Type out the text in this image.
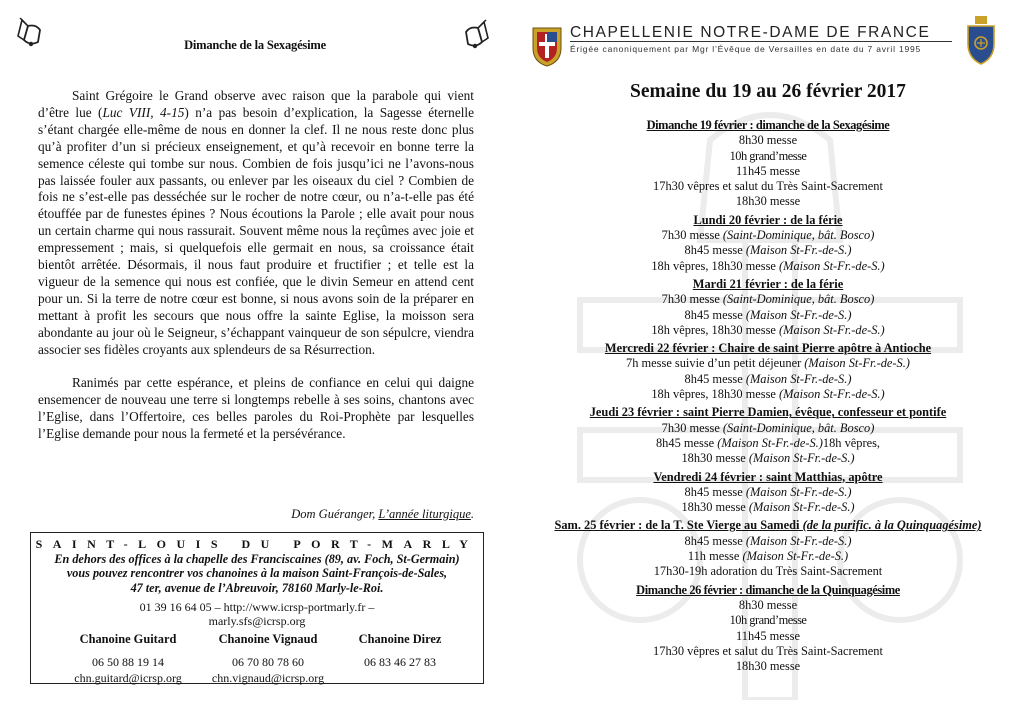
Dimanche de la Sexagésime

Saint Grégoire le Grand observe avec raison que la parabole qui vient d’être lue (Luc VIII, 4-15) n’a pas besoin d’explication, la Sagesse éternelle s’étant chargée elle-même de nous en donner la clef. Il ne nous reste donc plus qu’à profiter d’un si précieux enseignement, et qu’à recevoir en bonne terre la semence céleste qui tombe sur nous. Combien de fois jusqu’ici ne l’avons-nous pas laissée fouler aux passants, ou enlever par les oiseaux du ciel ? Combien de fois ne s’est-elle pas desséchée sur le rocher de notre cœur, ou n’a-t-elle pas été étouffée par de funestes épines ? Nous écoutions la Parole ; elle avait pour nous un certain charme qui nous rassurait. Souvent même nous la reçûmes avec joie et empressement ; mais, si quelquefois elle germait en nous, sa croissance était bientôt arrêtée. Désormais, il nous faut produire et fructifier ; et telle est la vigueur de la semence qui nous est confiée, que le divin Semeur en attend cent pour un. Si la terre de notre cœur est bonne, si nous avons soin de la préparer en mettant à profit les secours que nous offre la sainte Eglise, la moisson sera abondante au jour où le Seigneur, s’échappant vainqueur de son sépulcre, viendra associer ses fidèles croyants aux splendeurs de sa Résurrection.

Ranimés par cette espérance, et pleins de confiance en celui qui daigne ensemencer de nouveau une terre si longtemps rebelle à ses soins, chantons avec l’Eglise, dans l’Offertoire, ces belles paroles du Roi-Prophète par lesquelles l’Eglise demande pour nous la fermeté et la persévérance.

Dom Guéranger, L’année liturgique.
SAINT-LOUIS DU PORT-MARLY
En dehors des offices à la chapelle des Franciscaines (89, av. Foch, St-Germain)
vous pouvez rencontrer vos chanoines à la maison Saint-François-de-Sales,
47 ter, avenue de l’Abreuvoir, 78160 Marly-le-Roi.
01 39 16 64 05 – http://www.icrsp-portmarly.fr –
marly.sfs@icrsp.org
Chanoine Guitard
06 50 88 19 14
chn.guitard@icrsp.org
Chanoine Vignaud
06 70 80 78 60
chn.vignaud@icrsp.org
Chanoine Direz
06 83 46 27 83
CHAPELLENIE NOTRE-DAME DE FRANCE
Érigée canoniquement par Mgr l’Évêque de Versailles en date du 7 avril 1995
Semaine du 19 au 26 février 2017
Dimanche 19 février : dimanche de la Sexagésime
8h30 messe
10h grand’messe
11h45 messe
17h30 vêpres et salut du Très Saint-Sacrement
18h30 messe
Lundi 20 février : de la férie
7h30 messe (Saint-Dominique, bât. Bosco)
8h45 messe (Maison St-Fr.-de-S.)
18h vêpres, 18h30 messe (Maison St-Fr.-de-S.)
Mardi 21 février : de la férie
7h30 messe (Saint-Dominique, bât. Bosco)
8h45 messe (Maison St-Fr.-de-S.)
18h vêpres, 18h30 messe (Maison St-Fr.-de-S.)
Mercredi 22 février : Chaire de saint Pierre apôtre à Antioche
7h messe suivie d’un petit déjeuner (Maison St-Fr.-de-S.)
8h45 messe (Maison St-Fr.-de-S.)
18h vêpres, 18h30 messe (Maison St-Fr.-de-S.)
Jeudi 23 février : saint Pierre Damien, évêque, confesseur et pontife
7h30 messe (Saint-Dominique, bât. Bosco)
8h45 messe (Maison St-Fr.-de-S.)18h vêpres,
18h30 messe (Maison St-Fr.-de-S.)
Vendredi 24 février : saint Matthias, apôtre
8h45 messe (Maison St-Fr.-de-S.)
18h30 messe (Maison St-Fr.-de-S.)
Sam. 25 février : de la T. Ste Vierge au Samedi (de la purific. à la Quinquagésime)
8h45 messe (Maison St-Fr.-de-S.)
11h messe (Maison St-Fr.-de-S.)
17h30-19h adoration du Très Saint-Sacrement
Dimanche 26 février : dimanche de la Quinquagésime
8h30 messe
10h grand’messe
11h45 messe
17h30 vêpres et salut du Très Saint-Sacrement
18h30 messe
